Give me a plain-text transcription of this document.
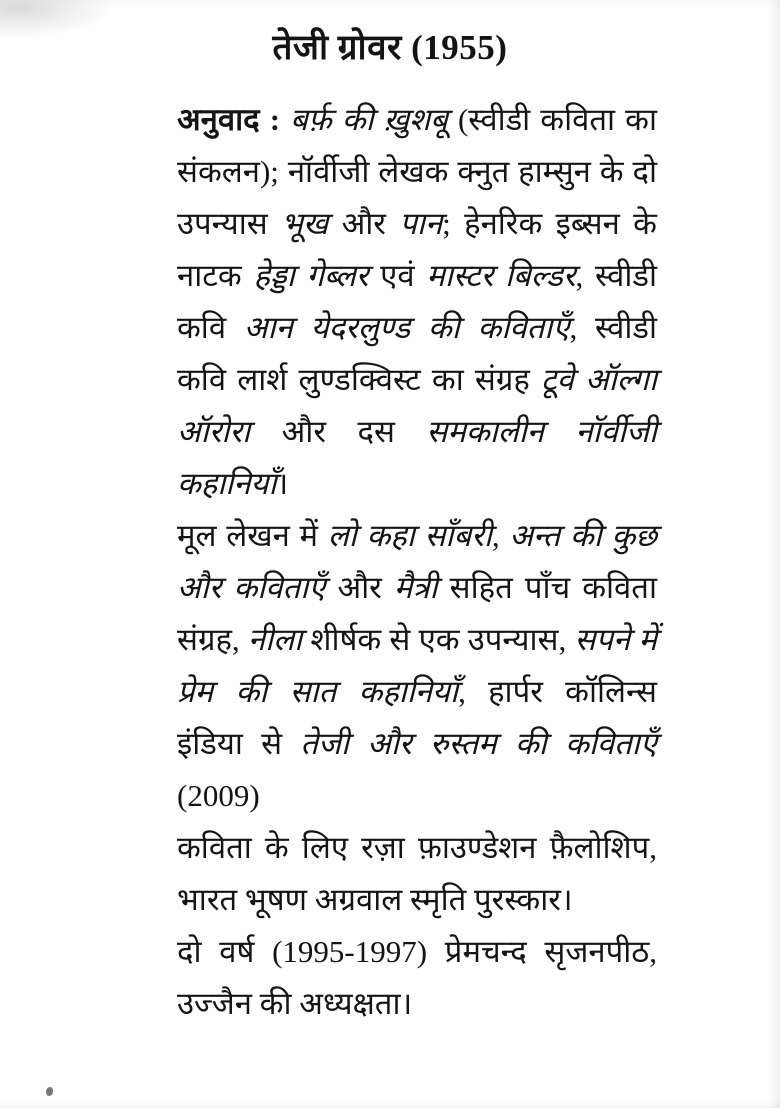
तेजी ग्रोवर (1955)

अनुवाद : बर्फ़ की ख़ुशबू (स्वीडी कविता का संकलन); नॉर्वीजी लेखक क्नुत हाम्सुन के दो उपन्यास भूख और पान; हेनरिक इब्सन के नाटक हेड्डा गेब्लर एवं मास्टर बिल्डर, स्वीडी कवि आन येदरलुण्ड की कविताएँ, स्वीडी कवि लार्श लुण्डक्विस्ट का संग्रह टूवे ऑल्गा ऑरोरा और दस समकालीन नॉर्वीजी कहानियाँ।

मूल लेखन में लो कहा साँबरी, अन्त की कुछ और कविताएँ और मैत्री सहित पाँच कविता संग्रह, नीला शीर्षक से एक उपन्यास, सपने में प्रेम की सात कहानियाँ, हार्पर कॉलिन्स इंडिया से तेजी और रुस्तम की कविताएँ (2009)

कविता के लिए रज़ा फ़ाउण्डेशन फ़ैलोशिप, भारत भूषण अग्रवाल स्मृति पुरस्कार।

दो वर्ष (1995-1997) प्रेमचन्द सृजनपीठ, उज्जैन की अध्यक्षता।
